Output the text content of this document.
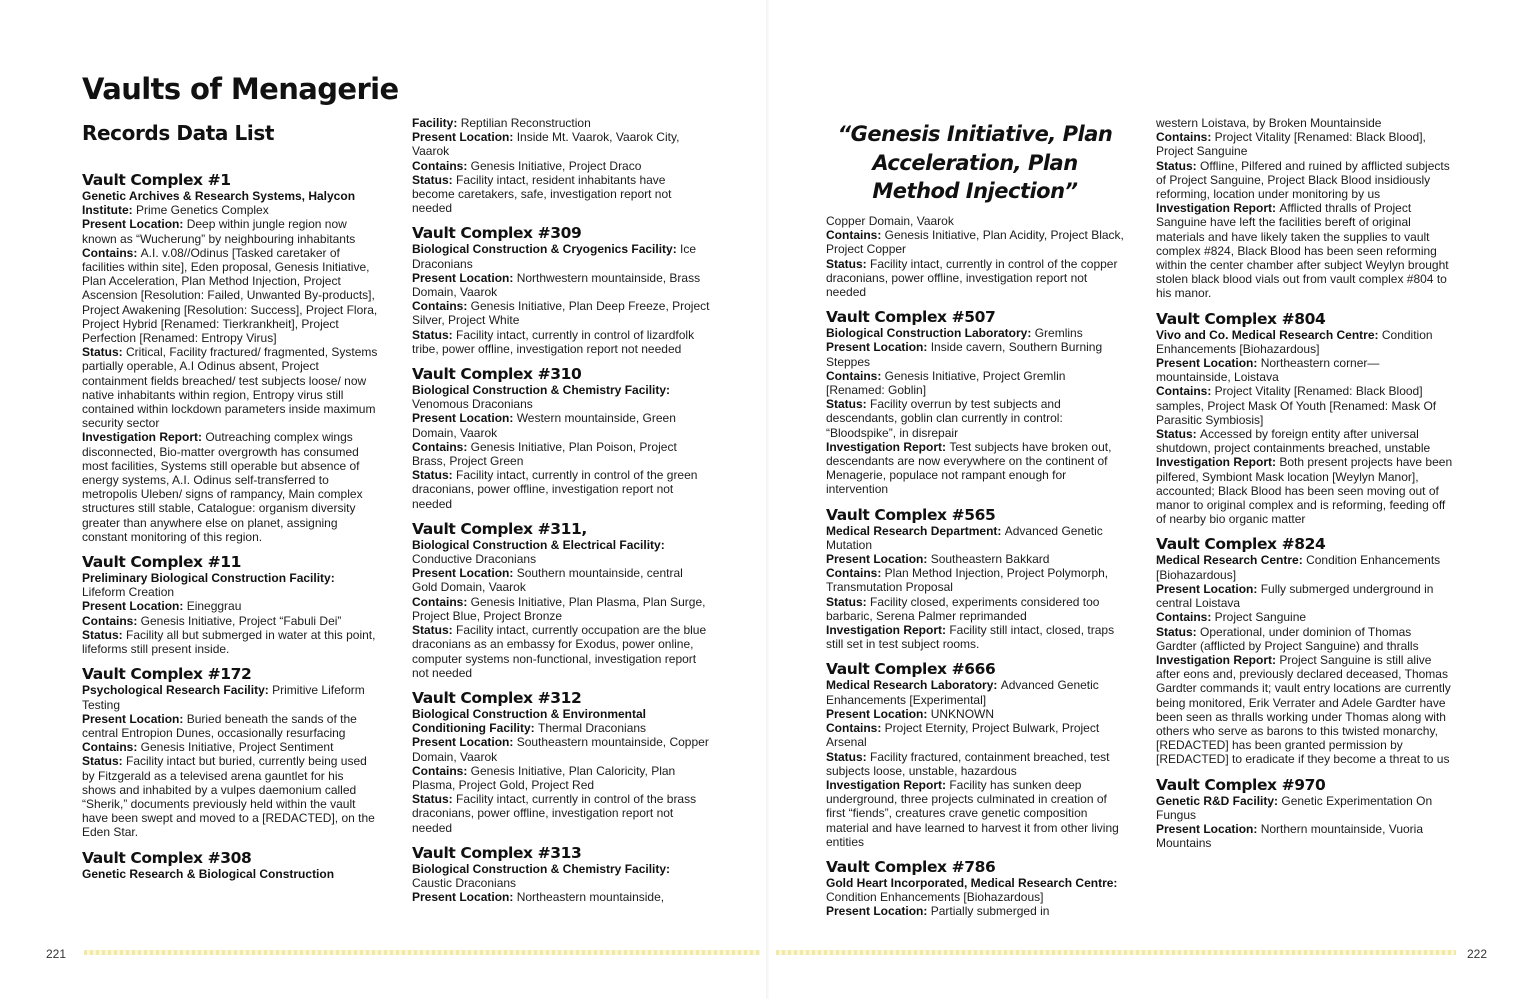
Vaults of Menagerie
Records Data List
Vault Complex #1

Genetic Archives & Research Systems, Halycon Institute: Prime Genetics Complex

Present Location: Deep within jungle region now known as “Wucherung” by neighbouring inhabitants

Contains: A.I. v.08//Odinus [Tasked caretaker of facilities within site], Eden proposal, Genesis Initiative, Plan Acceleration, Plan Method Injection, Project Ascension [Resolution: Failed, Unwanted By-products], Project Awakening [Resolution: Success], Project Flora, Project Hybrid [Renamed: Tierkrankheit], Project Perfection [Renamed: Entropy Virus]

Status: Critical, Facility fractured/ fragmented, Systems partially operable, A.I Odinus absent, Project containment fields breached/ test subjects loose/ now native inhabitants within region, Entropy virus still contained within lockdown parameters inside maximum security sector

Investigation Report: Outreaching complex wings disconnected, Bio-matter overgrowth has consumed most facilities, Systems still operable but absence of energy systems, A.I. Odinus self-transferred to metropolis Uleben/ signs of rampancy, Main complex structures still stable, Catalogue: organism diversity greater than anywhere else on planet, assigning constant monitoring of this region.

Vault Complex #11

Preliminary Biological Construction Facility: Lifeform Creation

Present Location: Eineggrau

Contains: Genesis Initiative, Project “Fabuli Dei”

Status: Facility all but submerged in water at this point, lifeforms still present inside.

Vault Complex #172

Psychological Research Facility: Primitive Lifeform Testing

Present Location: Buried beneath the sands of the central Entropion Dunes, occasionally resurfacing

Contains: Genesis Initiative, Project Sentiment

Status: Facility intact but buried, currently being used by Fitzgerald as a televised arena gauntlet for his shows and inhabited by a vulpes daemonium called “Sherik,” documents previously held within the vault have been swept and moved to a [REDACTED], on the Eden Star.

Vault Complex #308

Genetic Research & Biological Construction

Facility: Reptilian Reconstruction

Present Location: Inside Mt. Vaarok, Vaarok City, Vaarok

Contains: Genesis Initiative, Project Draco

Status: Facility intact, resident inhabitants have become caretakers, safe, investigation report not needed

Vault Complex #309

Biological Construction & Cryogenics Facility: Ice Draconians

Present Location: Northwestern mountainside, Brass Domain, Vaarok

Contains: Genesis Initiative, Plan Deep Freeze, Project Silver, Project White

Status: Facility intact, currently in control of lizardfolk tribe, power offline, investigation report not needed

Vault Complex #310

Biological Construction & Chemistry Facility: Venomous Draconians

Present Location: Western mountainside, Green Domain, Vaarok

Contains: Genesis Initiative, Plan Poison, Project Brass, Project Green

Status: Facility intact, currently in control of the green draconians, power offline, investigation report not needed

Vault Complex #311,

Biological Construction & Electrical Facility: Conductive Draconians

Present Location: Southern mountainside, central Gold Domain, Vaarok

Contains: Genesis Initiative, Plan Plasma, Plan Surge, Project Blue, Project Bronze

Status: Facility intact, currently occupation are the blue draconians as an embassy for Exodus, power online, computer systems non-functional, investigation report not needed

Vault Complex #312

Biological Construction & Environmental Conditioning Facility: Thermal Draconians

Present Location: Southeastern mountainside, Copper Domain, Vaarok

Contains: Genesis Initiative, Plan Caloricity, Plan Plasma, Project Gold, Project Red

Status: Facility intact, currently in control of the brass draconians, power offline, investigation report not needed

Vault Complex #313

Biological Construction & Chemistry Facility: Caustic Draconians

Present Location: Northeastern mountainside,

“Genesis Initiative, Plan Acceleration, Plan Method Injection”

Copper Domain, Vaarok

Contains: Genesis Initiative, Plan Acidity, Project Black, Project Copper

Status: Facility intact, currently in control of the copper draconians, power offline, investigation report not needed

Vault Complex #507

Biological Construction Laboratory: Gremlins

Present Location: Inside cavern, Southern Burning Steppes

Contains: Genesis Initiative, Project Gremlin [Renamed: Goblin]

Status: Facility overrun by test subjects and descendants, goblin clan currently in control: “Bloodspike”, in disrepair

Investigation Report: Test subjects have broken out, descendants are now everywhere on the continent of Menagerie, populace not rampant enough for intervention

Vault Complex #565

Medical Research Department: Advanced Genetic Mutation

Present Location: Southeastern Bakkard

Contains: Plan Method Injection, Project Polymorph, Transmutation Proposal

Status: Facility closed, experiments considered too barbaric, Serena Palmer reprimanded

Investigation Report: Facility still intact, closed, traps still set in test subject rooms.

Vault Complex #666

Medical Research Laboratory: Advanced Genetic Enhancements [Experimental]

Present Location: UNKNOWN

Contains: Project Eternity, Project Bulwark, Project Arsenal

Status: Facility fractured, containment breached, test subjects loose, unstable, hazardous

Investigation Report: Facility has sunken deep underground, three projects culminated in creation of first “fiends”, creatures crave genetic composition material and have learned to harvest it from other living entities

Vault Complex #786

Gold Heart Incorporated, Medical Research Centre: Condition Enhancements [Biohazardous]

Present Location: Partially submerged in

western Loistava, by Broken Mountainside

Contains: Project Vitality [Renamed: Black Blood], Project Sanguine

Status: Offline, Pilfered and ruined by afflicted subjects of Project Sanguine, Project Black Blood insidiously reforming, location under monitoring by us

Investigation Report: Afflicted thralls of Project Sanguine have left the facilities bereft of original materials and have likely taken the supplies to vault complex #824, Black Blood has been seen reforming within the center chamber after subject Weylyn brought stolen black blood vials out from vault complex #804 to his manor.

Vault Complex #804

Vivo and Co. Medical Research Centre: Condition Enhancements [Biohazardous]

Present Location: Northeastern corner— mountainside, Loistava

Contains: Project Vitality [Renamed: Black Blood] samples, Project Mask Of Youth [Renamed: Mask Of Parasitic Symbiosis]

Status: Accessed by foreign entity after universal shutdown, project containments breached, unstable

Investigation Report: Both present projects have been pilfered, Symbiont Mask location [Weylyn Manor], accounted; Black Blood has been seen moving out of manor to original complex and is reforming, feeding off of nearby bio organic matter

Vault Complex #824

Medical Research Centre: Condition Enhancements [Biohazardous]

Present Location: Fully submerged underground in central Loistava

Contains: Project Sanguine

Status: Operational, under dominion of Thomas Gardter (afflicted by Project Sanguine) and thralls

Investigation Report: Project Sanguine is still alive after eons and, previously declared deceased, Thomas Gardter commands it; vault entry locations are currently being monitored, Erik Verrater and Adele Gardter have been seen as thralls working under Thomas along with others who serve as barons to this twisted monarchy, [REDACTED] has been granted permission by [REDACTED] to eradicate if they become a threat to us

Vault Complex #970

Genetic R&D Facility: Genetic Experimentation On Fungus

Present Location: Northern mountainside, Vuoria Mountains

221	222
